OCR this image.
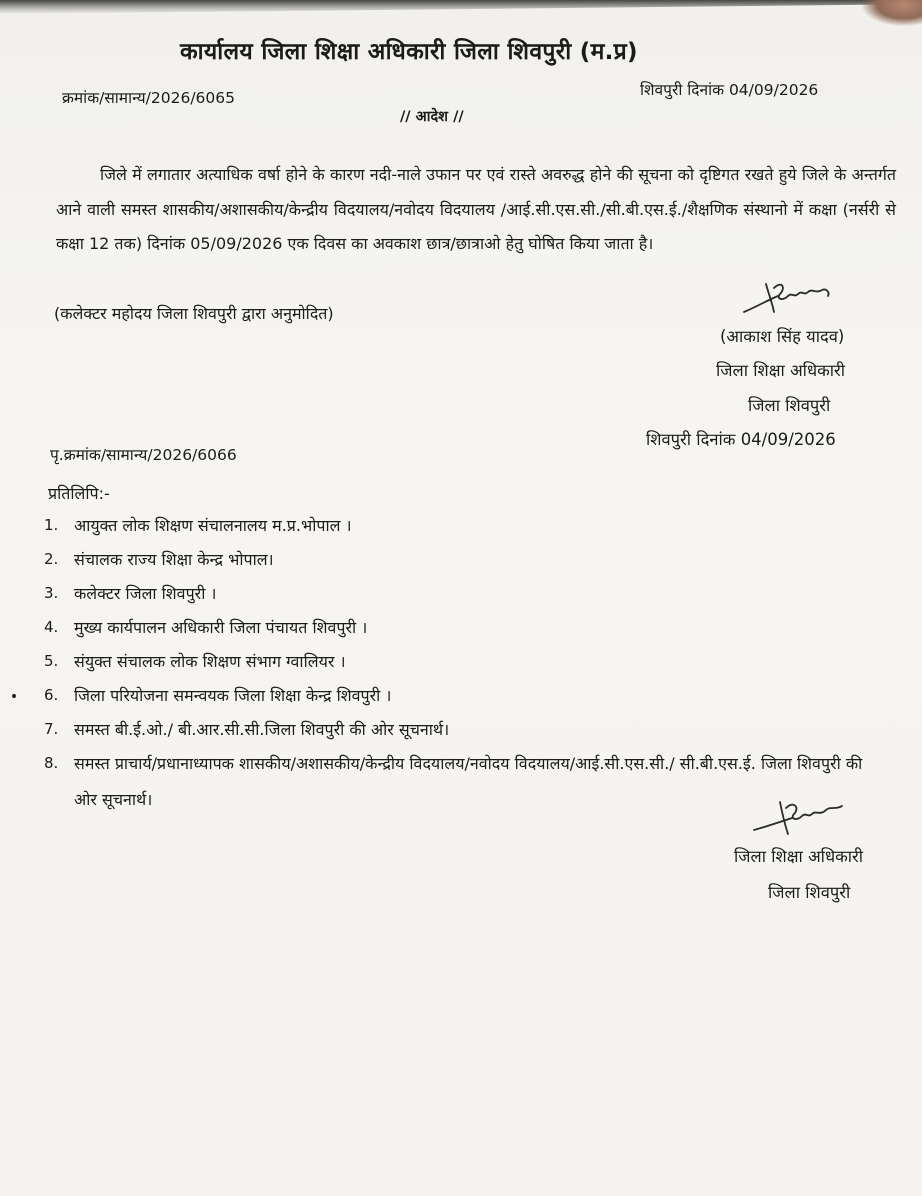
कार्यालय जिला शिक्षा अधिकारी जिला शिवपुरी (म.प्र)
क्रमांक/सामान्य/2026/6065	शिवपुरी दिनांक 04/09/2026
// आदेश //
जिले में लगातार अत्याधिक वर्षा होने के कारण नदी-नाले उफान पर एवं रास्ते अवरुद्ध होने की सूचना को दृष्टिगत रखते हुये जिले के अन्तर्गत आने वाली समस्त शासकीय/अशासकीय/केन्द्रीय विदयालय/नवोदय विदयालय /आई.सी.एस.सी./सी.बी.एस.ई./शैक्षणिक संस्थानो में कक्षा (नर्सरी से कक्षा 12 तक) दिनांक 05/09/2026 एक दिवस का अवकाश छात्र/छात्राओ हेतु घोषित किया जाता है।
(कलेक्टर महोदय जिला शिवपुरी द्वारा अनुमोदित)
(आकाश सिंह यादव)
जिला शिक्षा अधिकारी
जिला शिवपुरी
शिवपुरी दिनांक 04/09/2026
पृ.क्रमांक/सामान्य/2026/6066
प्रतिलिपि:-
1. आयुक्त लोक शिक्षण संचालनालय म.प्र.भोपाल ।
2. संचालक राज्य शिक्षा केन्द्र भोपाल।
3. कलेक्टर जिला शिवपुरी ।
4. मुख्य कार्यपालन अधिकारी जिला पंचायत शिवपुरी ।
5. संयुक्त संचालक लोक शिक्षण संभाग ग्वालियर ।
6. जिला परियोजना समन्वयक जिला शिक्षा केन्द्र शिवपुरी ।
7. समस्त बी.ई.ओ./ बी.आर.सी.सी.जिला शिवपुरी की ओर सूचनार्थ।
8. समस्त प्राचार्य/प्रधानाध्यापक शासकीय/अशासकीय/केन्द्रीय विदयालय/नवोदय विदयालय/आई.सी.एस.सी./ सी.बी.एस.ई. जिला शिवपुरी की ओर सूचनार्थ।
जिला शिक्षा अधिकारी
जिला शिवपुरी
